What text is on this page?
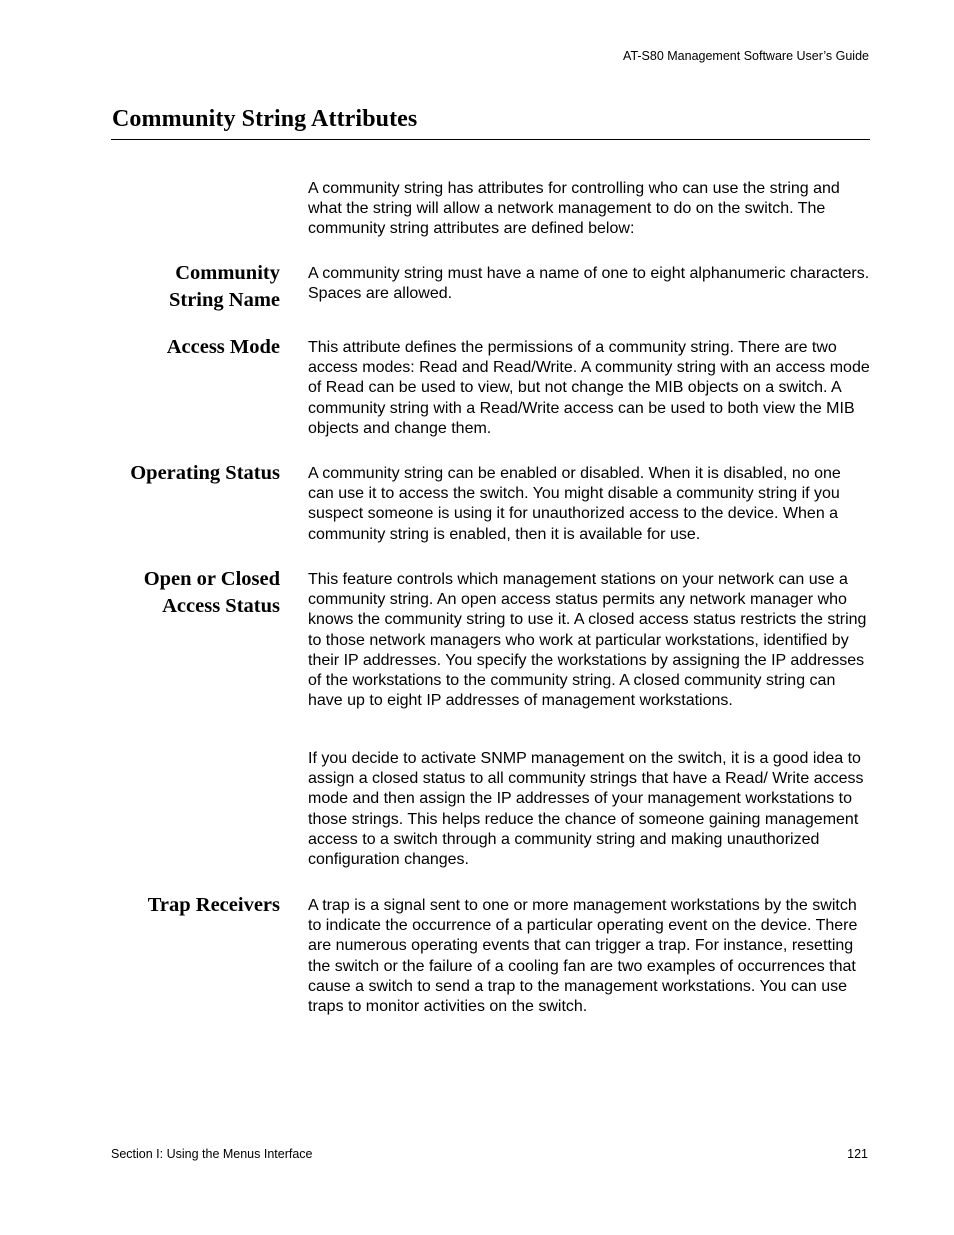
AT-S80 Management Software User’s Guide
Community String Attributes

A community string has attributes for controlling who can use the string and what the string will allow a network management to do on the switch. The community string attributes are defined below:

Community
String Name

A community string must have a name of one to eight alphanumeric characters. Spaces are allowed.

Access Mode This attribute defines the permissions of a community string. There are two access modes: Read and Read/Write. A community string with an access mode of Read can be used to view, but not change the MIB objects on a switch. A community string with a Read/Write access can be used to both view the MIB objects and change them.

Operating Status A community string can be enabled or disabled. When it is disabled, no one can use it to access the switch. You might disable a community string if you suspect someone is using it for unauthorized access to the device. When a community string is enabled, then it is available for use.

Open or Closed
Access Status

This feature controls which management stations on your network can use a community string. An open access status permits any network manager who knows the community string to use it. A closed access status restricts the string to those network managers who work at particular workstations, identified by their IP addresses. You specify the workstations by assigning the IP addresses of the workstations to the community string. A closed community string can have up to eight IP addresses of management workstations.

If you decide to activate SNMP management on the switch, it is a good idea to assign a closed status to all community strings that have a Read/ Write access mode and then assign the IP addresses of your management workstations to those strings. This helps reduce the chance of someone gaining management access to a switch through a community string and making unauthorized configuration changes.

Trap Receivers A trap is a signal sent to one or more management workstations by the switch to indicate the occurrence of a particular operating event on the device. There are numerous operating events that can trigger a trap. For instance, resetting the switch or the failure of a cooling fan are two examples of occurrences that cause a switch to send a trap to the management workstations. You can use traps to monitor activities on the switch.

Section I: Using the Menus Interface	121
